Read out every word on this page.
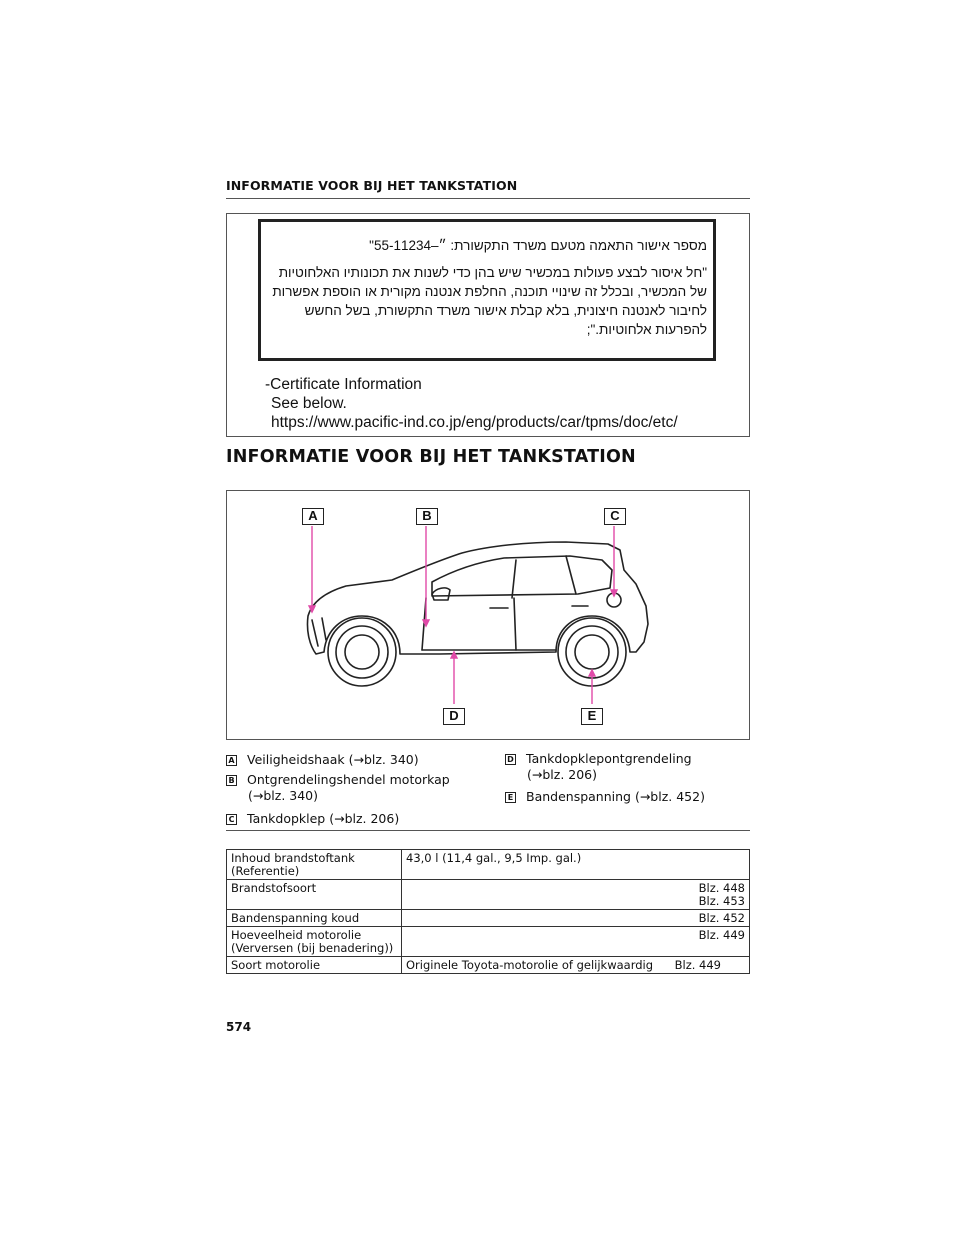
INFORMATIE VOOR BIJ HET TANKSTATION

מספר אישור התאמה מטעם משרד התקשורת: ״–55-11234"

"חל איסור לבצע פעולות במכשיר שיש בהן כדי לשנות את תכונותיו האלחוטיות

של המכשיר, ובכלל זה שינויי תוכנה, החלפת אנטנה מקורית או הוספת אפשרות

לחיבור לאנטנה חיצונית, בלא קבלת אישור משרד התקשורת, בשל החשש

להפרעות אלחוטיות.";

-Certificate Information
See below.
https://www.pacific-ind.co.jp/eng/products/car/tpms/doc/etc/
INFORMATIE VOOR BIJ HET TANKSTATION
A	B	C
D	E
A Veiligheidshaak (→blz. 340)
B Ontgrendelingshendel motorkap
(→blz. 340)
C Tankdopklep (→blz. 206)
D Tankdopklepontgrendeling
(→blz. 206)
E Bandenspanning (→blz. 452)
Inhoud brandstoftank
(Referentie)	43,0 l (11,4 gal., 9,5 Imp. gal.)
Brandstofsoort	Blz. 448
Blz. 453

Bandenspanning koud	Blz. 452

Hoeveelheid motorolie
(Verversen (bij benadering))	Blz. 449

Soort motorolie	Originele Toyota-motorolie of gelijkwaardig Blz. 449
574
